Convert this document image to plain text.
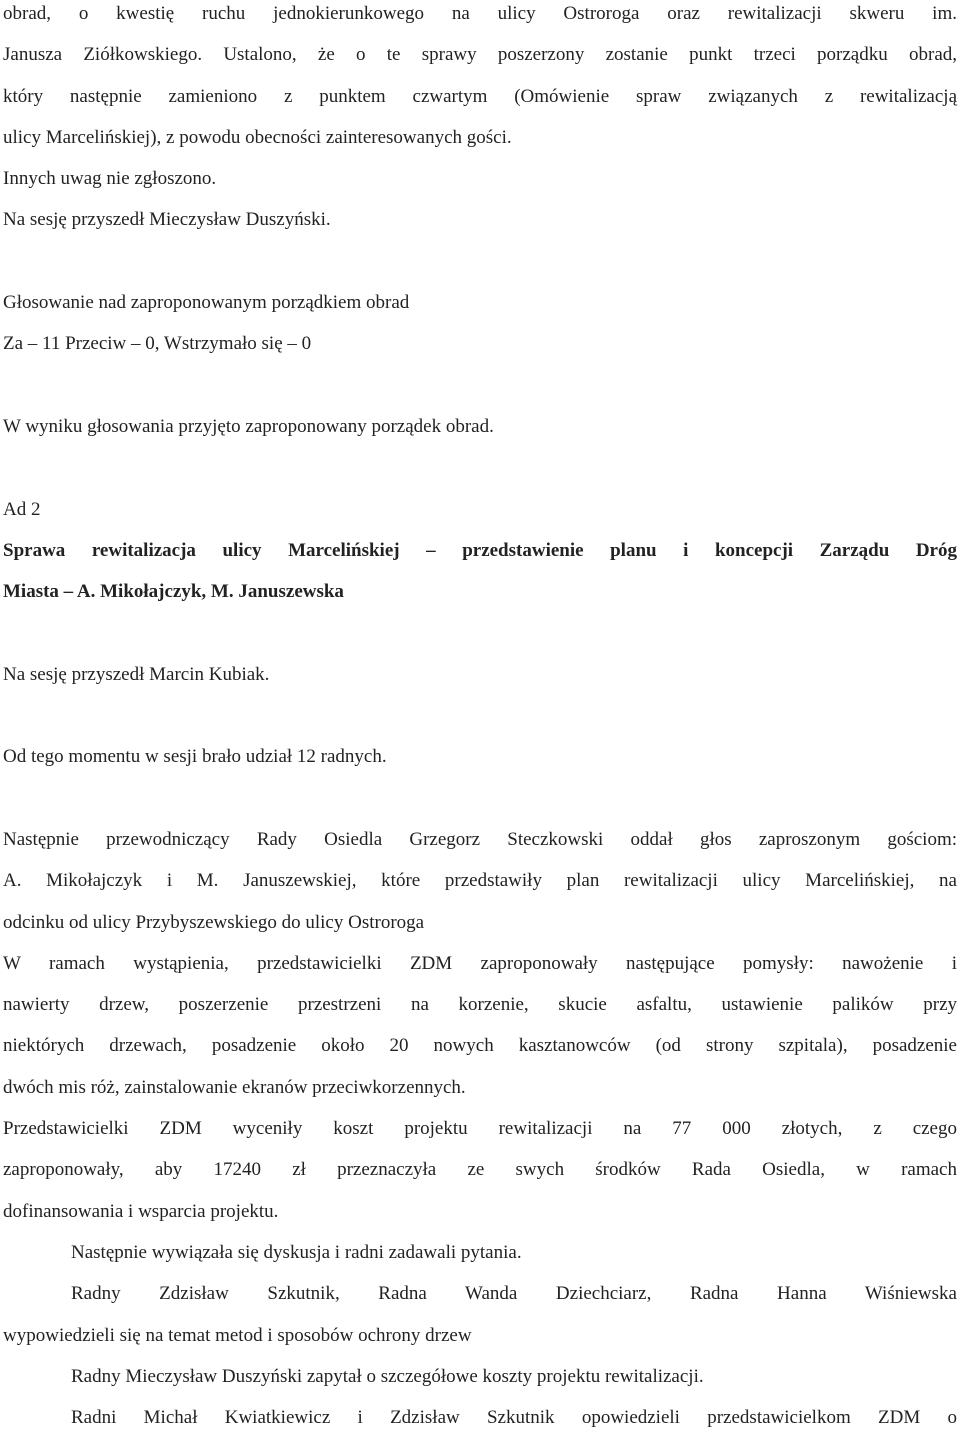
obrad, o kwestię ruchu jednokierunkowego na ulicy Ostroroga oraz rewitalizacji skweru im.
Janusza Ziółkowskiego. Ustalono, że o te sprawy poszerzony zostanie punkt trzeci porządku obrad,
który następnie zamieniono z punktem czwartym (Omówienie spraw związanych z rewitalizacją
ulicy Marcelińskiej), z powodu obecności zainteresowanych gości.
Innych uwag nie zgłoszono.
Na sesję przyszedł Mieczysław Duszyński.
Głosowanie nad zaproponowanym porządkiem obrad
Za – 11 Przeciw – 0, Wstrzymało się – 0
W wyniku głosowania przyjęto zaproponowany porządek obrad.
Ad 2
Sprawa rewitalizacja ulicy Marcelińskiej – przedstawienie planu i koncepcji Zarządu Dróg
Miasta – A. Mikołajczyk, M. Januszewska
Na sesję przyszedł Marcin Kubiak.
Od tego momentu w sesji brało udział 12 radnych.
Następnie przewodniczący Rady Osiedla Grzegorz Steczkowski oddał głos zaproszonym gościom:
A. Mikołajczyk i M. Januszewskiej, które przedstawiły plan rewitalizacji ulicy Marcelińskiej, na
odcinku od ulicy Przybyszewskiego do ulicy Ostroroga
W ramach wystąpienia, przedstawicielki ZDM zaproponowały następujące pomysły: nawożenie i
nawierty drzew, poszerzenie przestrzeni na korzenie, skucie asfaltu, ustawienie palików przy
niektórych drzewach, posadzenie około 20 nowych kasztanowców (od strony szpitala), posadzenie
dwóch mis róż, zainstalowanie ekranów przeciwkorzennych.
Przedstawicielki ZDM wyceniły koszt projektu rewitalizacji na 77 000 złotych, z czego
zaproponowały, aby 17240 zł przeznaczyła ze swych środków Rada Osiedla, w ramach
dofinansowania i wsparcia projektu.
Następnie wywiązała się dyskusja i radni zadawali pytania.
Radny Zdzisław Szkutnik, Radna Wanda Dziechciarz, Radna Hanna Wiśniewska
wypowiedzieli się na temat metod i sposobów ochrony drzew
Radny Mieczysław Duszyński zapytał o szczegółowe koszty projektu rewitalizacji.
Radni Michał Kwiatkiewicz i Zdzisław Szkutnik opowiedzieli przedstawicielkom ZDM o
